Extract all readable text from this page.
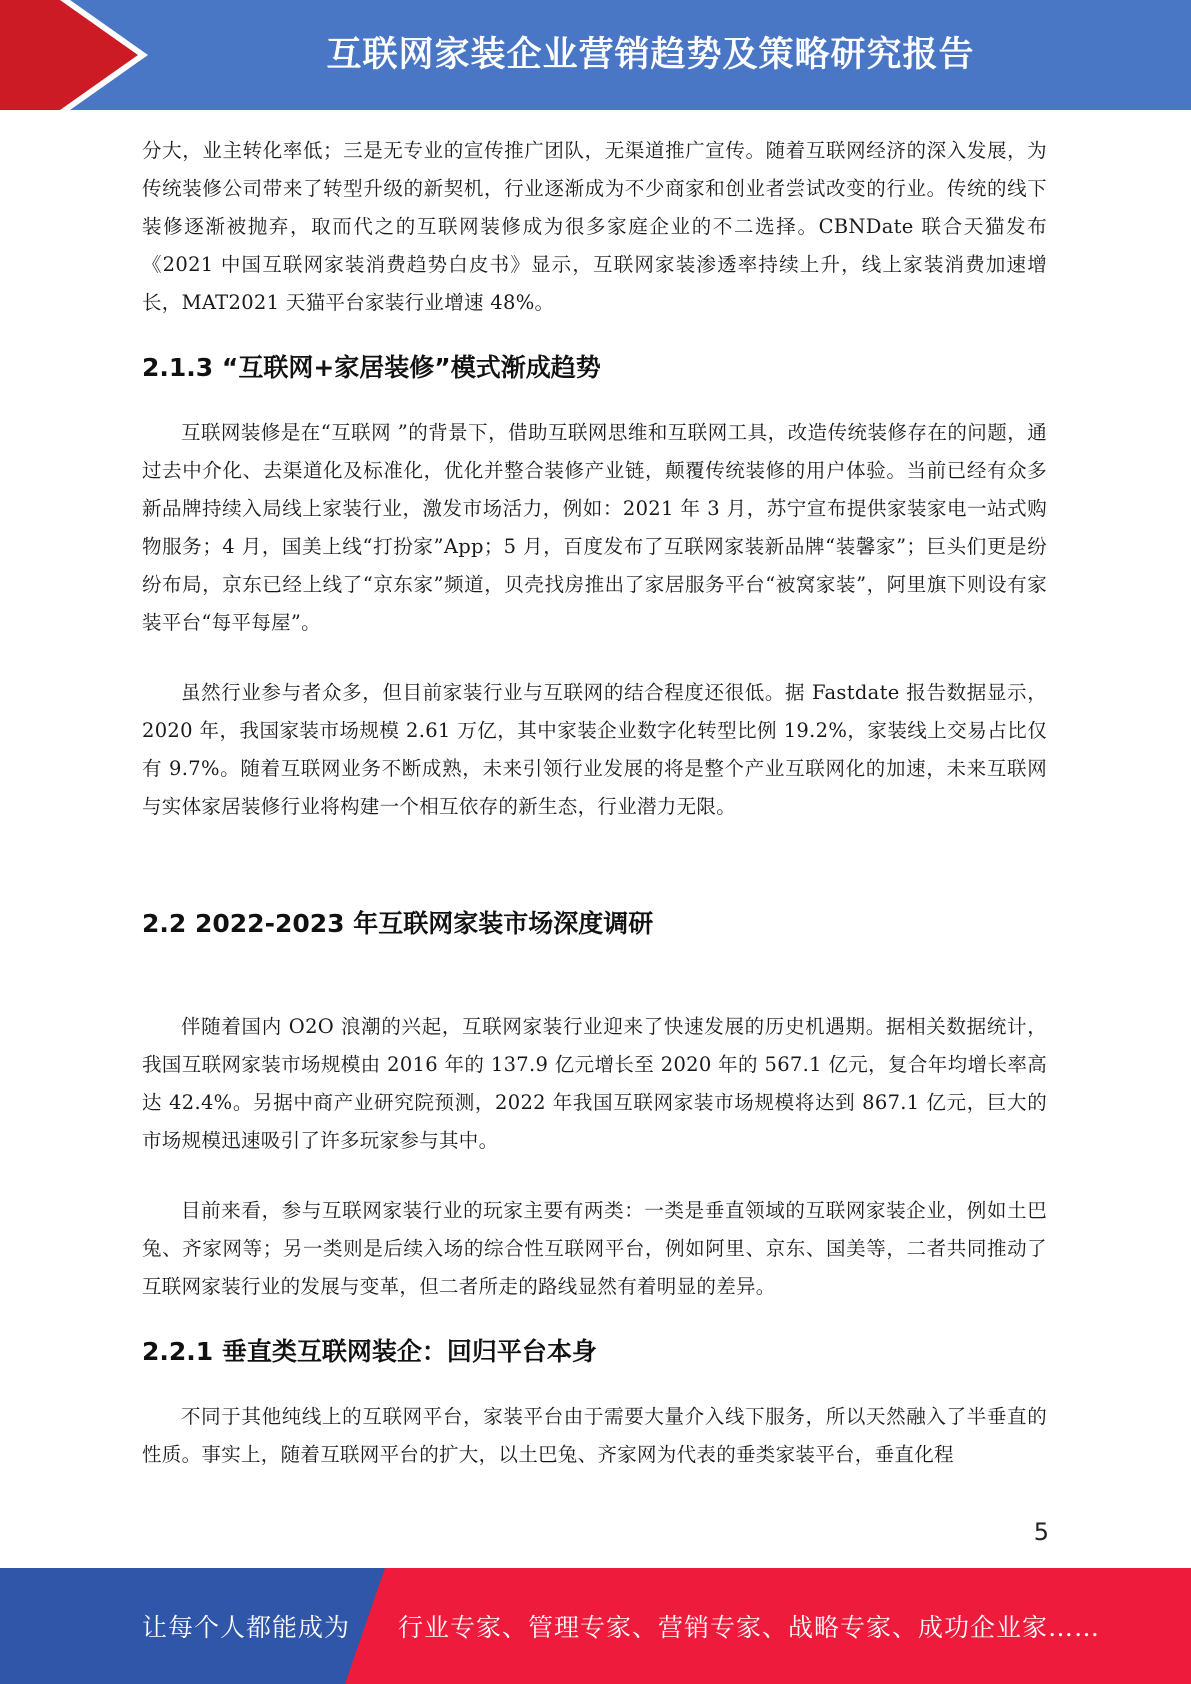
互联网家装企业营销趋势及策略研究报告

分大，业主转化率低；三是无专业的宣传推广团队，无渠道推广宣传。随着互联网经济的深入发展，为传统装修公司带来了转型升级的新契机，行业逐渐成为不少商家和创业者尝试改变的行业。传统的线下装修逐渐被抛弃，取而代之的互联网装修成为很多家庭企业的不二选择。CBNDate 联合天猫发布《2021 中国互联网家装消费趋势白皮书》显示，互联网家装渗透率持续上升，线上家装消费加速增长，MAT2021 天猫平台家装行业增速 48%。

2.1.3 “互联网+家居装修”模式渐成趋势

互联网装修是在“互联网 ”的背景下，借助互联网思维和互联网工具，改造传统装修存在的问题，通过去中介化、去渠道化及标准化，优化并整合装修产业链，颠覆传统装修的用户体验。当前已经有众多新品牌持续入局线上家装行业，激发市场活力，例如：2021 年 3 月，苏宁宣布提供家装家电一站式购物服务；4 月，国美上线“打扮家”App；5 月，百度发布了互联网家装新品牌“装馨家”；巨头们更是纷纷布局，京东已经上线了“京东家”频道，贝壳找房推出了家居服务平台“被窝家装”，阿里旗下则设有家装平台“每平每屋”。

虽然行业参与者众多，但目前家装行业与互联网的结合程度还很低。据 Fastdate 报告数据显示，2020 年，我国家装市场规模 2.61 万亿，其中家装企业数字化转型比例 19.2%，家装线上交易占比仅有 9.7%。随着互联网业务不断成熟，未来引领行业发展的将是整个产业互联网化的加速，未来互联网与实体家居装修行业将构建一个相互依存的新生态，行业潜力无限。

2.2 2022-2023 年互联网家装市场深度调研

伴随着国内 O2O 浪潮的兴起，互联网家装行业迎来了快速发展的历史机遇期。据相关数据统计，我国互联网家装市场规模由 2016 年的 137.9 亿元增长至 2020 年的 567.1 亿元，复合年均增长率高达 42.4%。另据中商产业研究院预测，2022 年我国互联网家装市场规模将达到 867.1 亿元，巨大的市场规模迅速吸引了许多玩家参与其中。

目前来看，参与互联网家装行业的玩家主要有两类：一类是垂直领域的互联网家装企业，例如土巴兔、齐家网等；另一类则是后续入场的综合性互联网平台，例如阿里、京东、国美等，二者共同推动了互联网家装行业的发展与变革，但二者所走的路线显然有着明显的差异。

2.2.1 垂直类互联网装企：回归平台本身

不同于其他纯线上的互联网平台，家装平台由于需要大量介入线下服务，所以天然融入了半垂直的性质。事实上，随着互联网平台的扩大，以土巴兔、齐家网为代表的垂类家装平台，垂直化程

5
让每个人都能成为 行业专家、管理专家、营销专家、战略专家、成功企业家……
